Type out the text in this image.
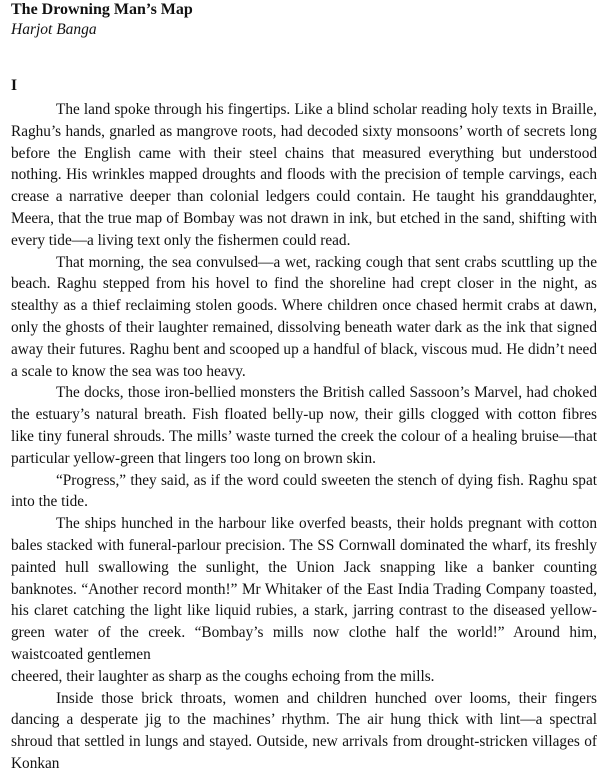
The Drowning Man’s Map
Harjot Banga
I

The land spoke through his fingertips. Like a blind scholar reading holy texts in Braille, Raghu’s hands, gnarled as mangrove roots, had decoded sixty monsoons’ worth of secrets long before the English came with their steel chains that measured everything but understood nothing. His wrinkles mapped droughts and floods with the precision of temple carvings, each crease a narrative deeper than colonial ledgers could contain. He taught his granddaughter, Meera, that the true map of Bombay was not drawn in ink, but etched in the sand, shifting with every tide—a living text only the fishermen could read.

That morning, the sea convulsed—a wet, racking cough that sent crabs scuttling up the beach. Raghu stepped from his hovel to find the shoreline had crept closer in the night, as stealthy as a thief reclaiming stolen goods. Where children once chased hermit crabs at dawn, only the ghosts of their laughter remained, dissolving beneath water dark as the ink that signed away their futures. Raghu bent and scooped up a handful of black, viscous mud. He didn’t need a scale to know the sea was too heavy.

The docks, those iron-bellied monsters the British called Sassoon’s Marvel, had choked the estuary’s natural breath. Fish floated belly-up now, their gills clogged with cotton fibres like tiny funeral shrouds. The mills’ waste turned the creek the colour of a healing bruise—that particular yellow-green that lingers too long on brown skin.

“Progress,” they said, as if the word could sweeten the stench of dying fish. Raghu spat into the tide.

The ships hunched in the harbour like overfed beasts, their holds pregnant with cotton bales stacked with funeral-parlour precision. The SS Cornwall dominated the wharf, its freshly painted hull swallowing the sunlight, the Union Jack snapping like a banker counting banknotes. “Another record month!” Mr Whitaker of the East India Trading Company toasted, his claret catching the light like liquid rubies, a stark, jarring contrast to the diseased yellow-green water of the creek. “Bombay’s mills now clothe half the world!” Around him, waistcoated gentlemen

cheered, their laughter as sharp as the coughs echoing from the mills.

Inside those brick throats, women and children hunched over looms, their fingers dancing a desperate jig to the machines’ rhythm. The air hung thick with lint—a spectral shroud that settled in lungs and stayed. Outside, new arrivals from drought-stricken villages of Konkan
